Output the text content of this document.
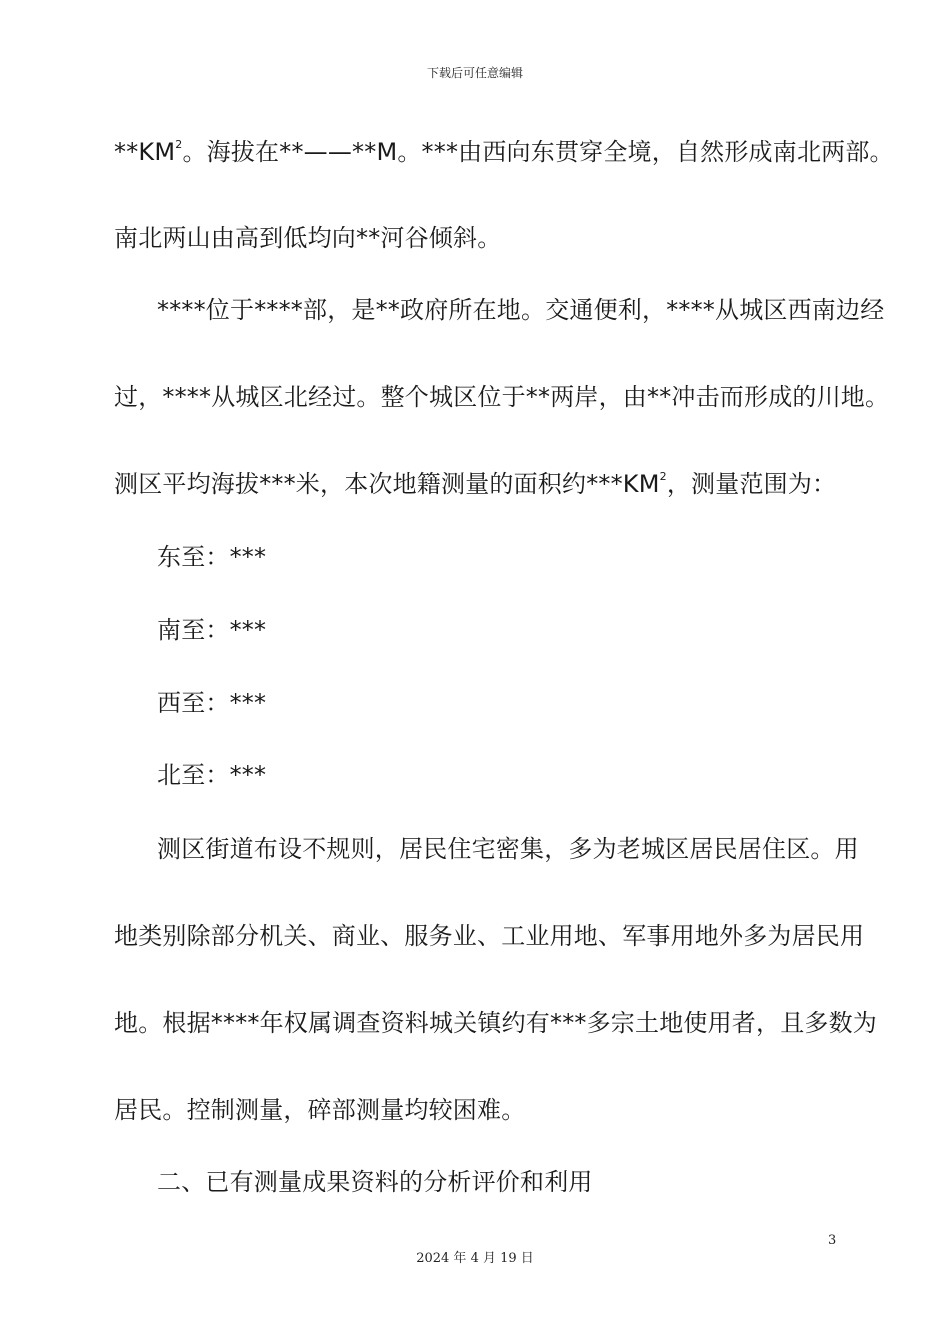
下载后可任意编辑
$**KM^2$。海拔在**——**M。***由西向东贯穿全境，自然形成南北两部。
南北两山由高到低均向**河谷倾斜。
****位于****部，是**政府所在地。交通便利，****从城区西南边经
过，****从城区北经过。整个城区位于**两岸，由**冲击而形成的川地。
测区平均海拔***米，本次地籍测量的面积约$***KM^2$，测量范围为：
东至：***
南至：***
西至：***
北至：***
测区街道布设不规则，居民住宅密集，多为老城区居民居住区。用
地类别除部分机关、商业、服务业、工业用地、军事用地外多为居民用
地。根据****年权属调查资料城关镇约有***多宗土地使用者，且多数为
居民。控制测量，碎部测量均较困难。
二、已有测量成果资料的分析评价和利用
3
2024 年 4 月 19 日
